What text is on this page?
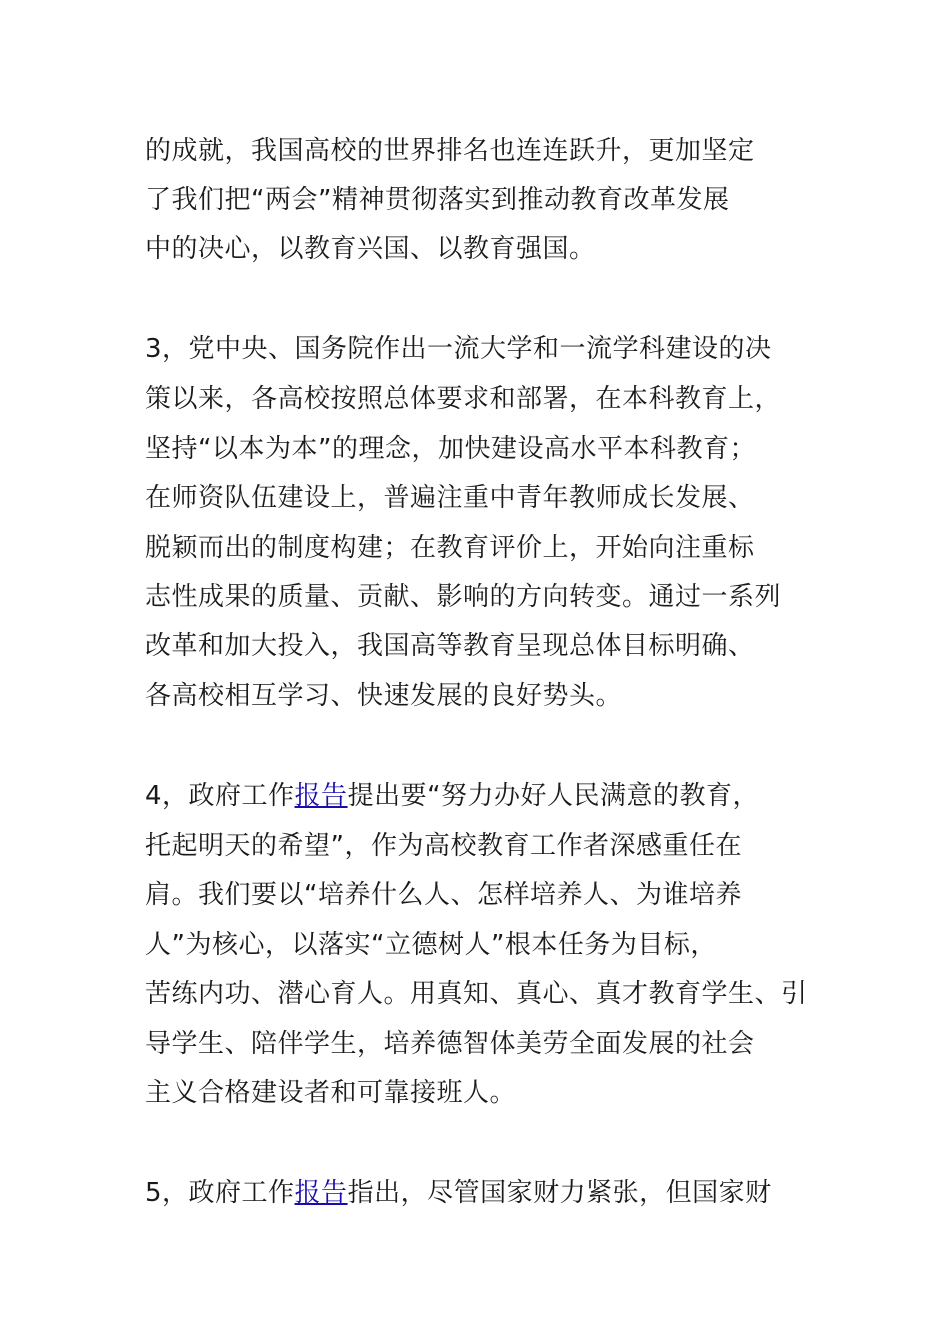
的成就，我国高校的世界排名也连连跃升，更加坚定
了我们把“两会”精神贯彻落实到推动教育改革发展
中的决心，以教育兴国、以教育强国。
3，党中央、国务院作出一流大学和一流学科建设的决
策以来，各高校按照总体要求和部署，在本科教育上，
坚持“以本为本”的理念，加快建设高水平本科教育；
在师资队伍建设上，普遍注重中青年教师成长发展、
脱颖而出的制度构建；在教育评价上，开始向注重标
志性成果的质量、贡献、影响的方向转变。通过一系列
改革和加大投入，我国高等教育呈现总体目标明确、
各高校相互学习、快速发展的良好势头。
4，政府工作报告提出要“努力办好人民满意的教育，
托起明天的希望”，作为高校教育工作者深感重任在
肩。我们要以“培养什么人、怎样培养人、为谁培养
人”为核心，以落实“立德树人”根本任务为目标，
苦练内功、潜心育人。用真知、真心、真才教育学生、引
导学生、陪伴学生，培养德智体美劳全面发展的社会
主义合格建设者和可靠接班人。
5，政府工作报告指出，尽管国家财力紧张，但国家财
